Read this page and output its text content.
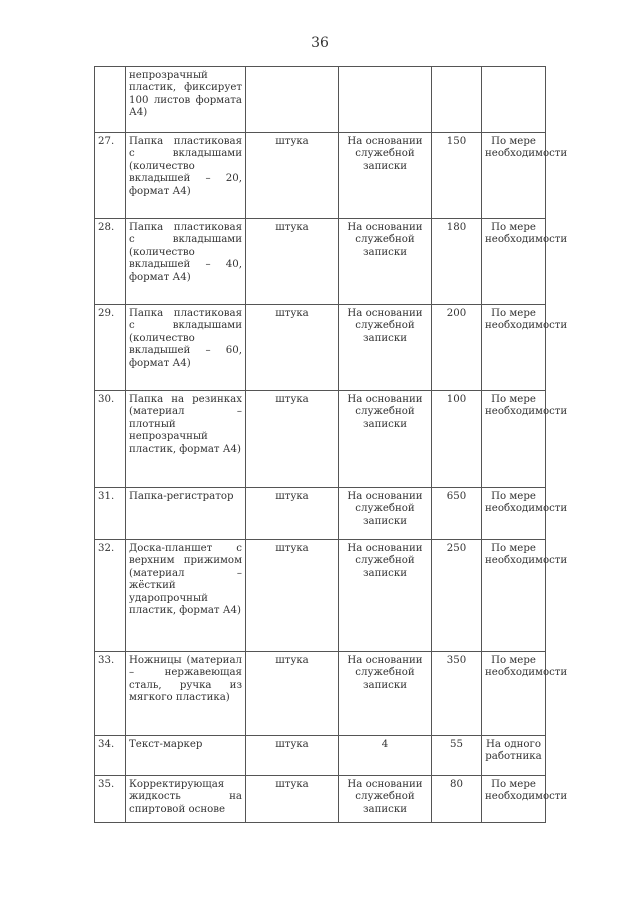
36
	непрозрачный пластик, фиксирует 100 листов формата А4)				
27.	Папка пластиковая с вкладышами (количество вкладышей – 20, формат А4)	штука	На основании служебной записки	150	По мере необходимости
28.	Папка пластиковая с вкладышами (количество вкладышей – 40, формат А4)	штука	На основании служебной записки	180	По мере необходимости
29.	Папка пластиковая с вкладышами (количество вкладышей – 60, формат А4)	штука	На основании служебной записки	200	По мере необходимости
30.	Папка на резинках (материал – плотный непрозрачный пластик, формат А4)	штука	На основании служебной записки	100	По мере необходимости
31.	Папка-регистратор	штука	На основании служебной записки	650	По мере необходимости
32.	Доска-планшет с верхним прижимом (материал – жёсткий ударопрочный пластик, формат А4)	штука	На основании служебной записки	250	По мере необходимости
33.	Ножницы (материал – нержавеющая сталь, ручка из мягкого пластика)	штука	На основании служебной записки	350	По мере необходимости
34.	Текст-маркер	штука	4	55	На одного работника
35.	Корректирующая жидкость на спиртовой основе	штука	На основании служебной записки	80	По мере необходимости
